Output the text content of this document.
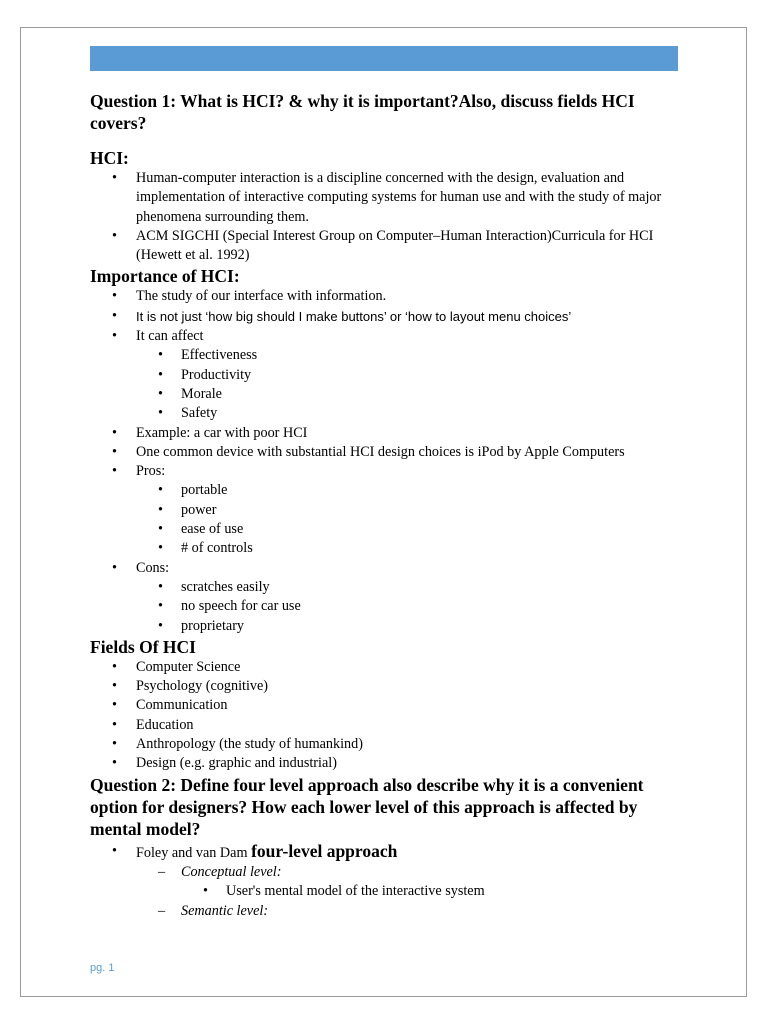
Question 1: What is HCI? & why it is important?Also, discuss fields HCI covers?

HCI:
• Human-computer interaction is a discipline concerned with the design, evaluation and implementation of interactive computing systems for human use and with the study of major phenomena surrounding them.
• ACM SIGCHI (Special Interest Group on Computer–Human Interaction)Curricula for HCI (Hewett et al. 1992)
Importance of HCI:
• The study of our interface with information.
• It is not just ‘how big should I make buttons’ or ‘how to layout menu choices’
• It can affect
• Effectiveness
• Productivity
• Morale
• Safety
• Example: a car with poor HCI
• One common device with substantial HCI design choices is iPod by Apple Computers
• Pros:
• portable
• power
• ease of use
• # of controls
• Cons:
• scratches easily
• no speech for car use
• proprietary
Fields Of HCI
• Computer Science
• Psychology (cognitive)
• Communication
• Education
• Anthropology (the study of humankind)
• Design (e.g. graphic and industrial)

Question 2: Define four level approach also describe why it is a convenient option for designers? How each lower level of this approach is affected by mental model?

• Foley and van Dam four-level approach
– Conceptual level:
• User's mental model of the interactive system
– Semantic level:
pg. 1
